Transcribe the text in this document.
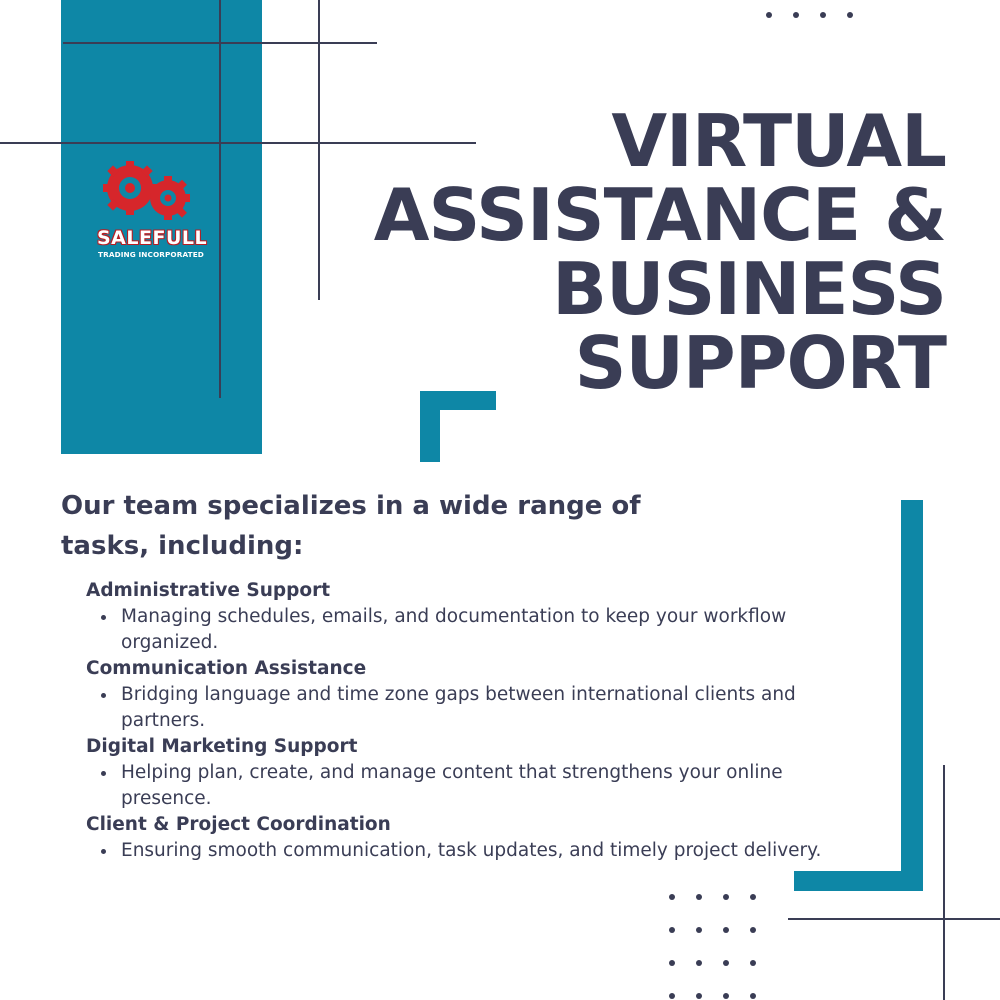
SALEFULL
TRADING INCORPORATED
VIRTUAL
ASSISTANCE &
BUSINESS
SUPPORT

Our team specializes in a wide range of tasks, including:

Administrative Support
Managing schedules, emails, and documentation to keep your workflow organized.
Communication Assistance
Bridging language and time zone gaps between international clients and partners.
Digital Marketing Support
Helping plan, create, and manage content that strengthens your online presence.
Client & Project Coordination
Ensuring smooth communication, task updates, and timely project delivery.
